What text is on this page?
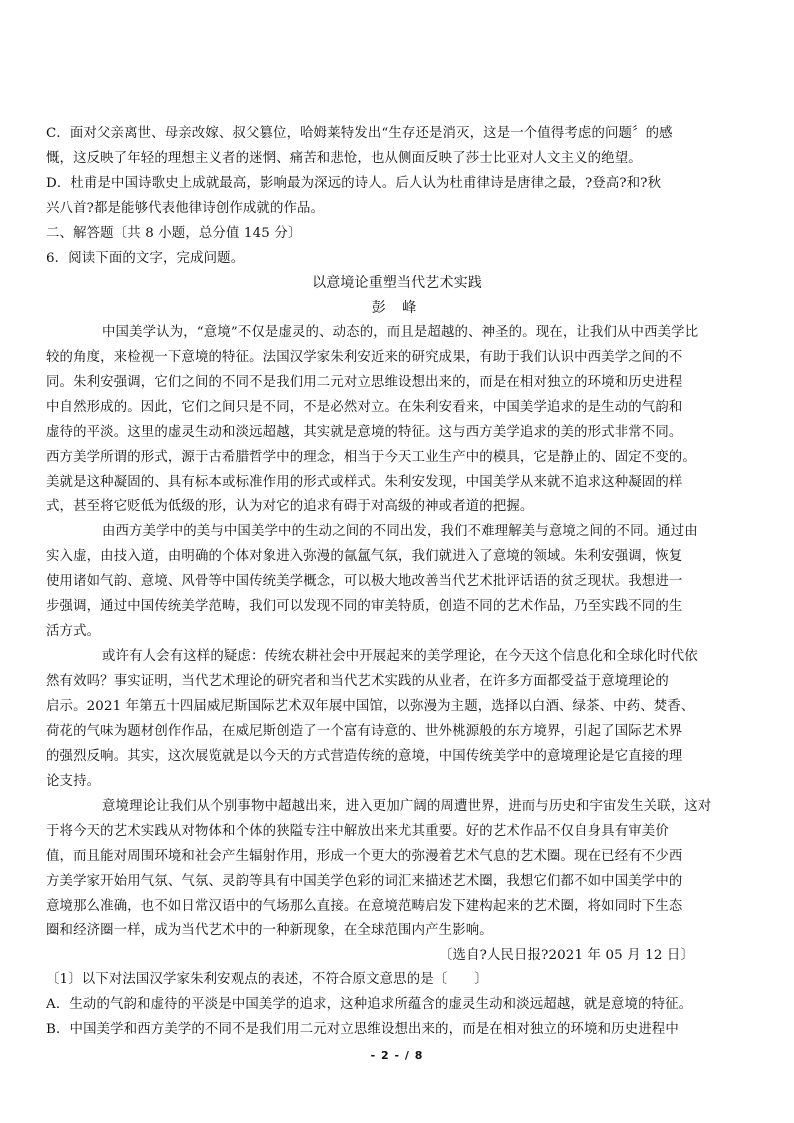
C．面对父亲离世、母亲改嫁、叔父篡位，哈姆莱特发出“生存还是消灭，这是一个值得考虑的问题〞的感
慨，这反映了年轻的理想主义者的迷惘、痛苦和悲怆，也从侧面反映了莎士比亚对人文主义的绝望。
D．杜甫是中国诗歌史上成就最高，影响最为深远的诗人。后人认为杜甫律诗是唐律之最，?登高?和?秋
兴八首?都是能够代表他律诗创作成就的作品。
二、解答题〔共 8 小题，总分值 145 分〕
6．阅读下面的文字，完成问题。
以意境论重塑当代艺术实践
彭 峰
中国美学认为，“意境”不仅是虚灵的、动态的，而且是超越的、神圣的。现在，让我们从中西美学比
较的角度，来检视一下意境的特征。法国汉学家朱利安近来的研究成果，有助于我们认识中西美学之间的不
同。朱利安强调，它们之间的不同不是我们用二元对立思维设想出来的，而是在相对独立的环境和历史进程
中自然形成的。因此，它们之间只是不同，不是必然对立。在朱利安看来，中国美学追求的是生动的气韵和
虚待的平淡。这里的虚灵生动和淡远超越，其实就是意境的特征。这与西方美学追求的美的形式非常不同。
西方美学所谓的形式，源于古希腊哲学中的理念，相当于今天工业生产中的模具，它是静止的、固定不变的。
美就是这种凝固的、具有标本或标准作用的形式或样式。朱利安发现，中国美学从来就不追求这种凝固的样
式，甚至将它贬低为低级的形，认为对它的追求有碍于对高级的神或者道的把握。
由西方美学中的美与中国美学中的生动之间的不同出发，我们不难理解美与意境之间的不同。通过由
实入虚，由技入道，由明确的个体对象进入弥漫的氤氲气氛，我们就进入了意境的领域。朱利安强调，恢复
使用诸如气韵、意境、风骨等中国传统美学概念，可以极大地改善当代艺术批评话语的贫乏现状。我想进一
步强调，通过中国传统美学范畴，我们可以发现不同的审美特质，创造不同的艺术作品，乃至实践不同的生
活方式。
或许有人会有这样的疑虑：传统农耕社会中开展起来的美学理论，在今天这个信息化和全球化时代依
然有效吗？事实证明，当代艺术理论的研究者和当代艺术实践的从业者，在许多方面都受益于意境理论的
启示。2021 年第五十四届威尼斯国际艺术双年展中国馆，以弥漫为主题，选择以白酒、绿茶、中药、焚香、
荷花的气味为题材创作作品，在威尼斯创造了一个富有诗意的、世外桃源般的东方境界，引起了国际艺术界
的强烈反响。其实，这次展览就是以今天的方式营造传统的意境，中国传统美学中的意境理论是它直接的理
论支持。
意境理论让我们从个别事物中超越出来，进入更加广阔的周遭世界，进而与历史和宇宙发生关联，这对
于将今天的艺术实践从对物体和个体的狭隘专注中解放出来尤其重要。好的艺术作品不仅自身具有审美价
值，而且能对周围环境和社会产生辐射作用，形成一个更大的弥漫着艺术气息的艺术圈。现在已经有不少西
方美学家开始用气氛、气氛、灵韵等具有中国美学色彩的词汇来描述艺术圈，我想它们都不如中国美学中的
意境那么准确，也不如日常汉语中的气场那么直接。在意境范畴启发下建构起来的艺术圈，将如同时下生态
圈和经济圈一样，成为当代艺术中的一种新现象，在全球范围内产生影响。
〔选自?人民日报?2021 年 05 月 12 日〕
〔1〕以下对法国汉学家朱利安观点的表述，不符合原文意思的是〔　　〕
A．生动的气韵和虚待的平淡是中国美学的追求，这种追求所蕴含的虚灵生动和淡远超越，就是意境的特征。
B．中国美学和西方美学的不同不是我们用二元对立思维设想出来的，而是在相对独立的环境和历史进程中
- 2 - / 8
